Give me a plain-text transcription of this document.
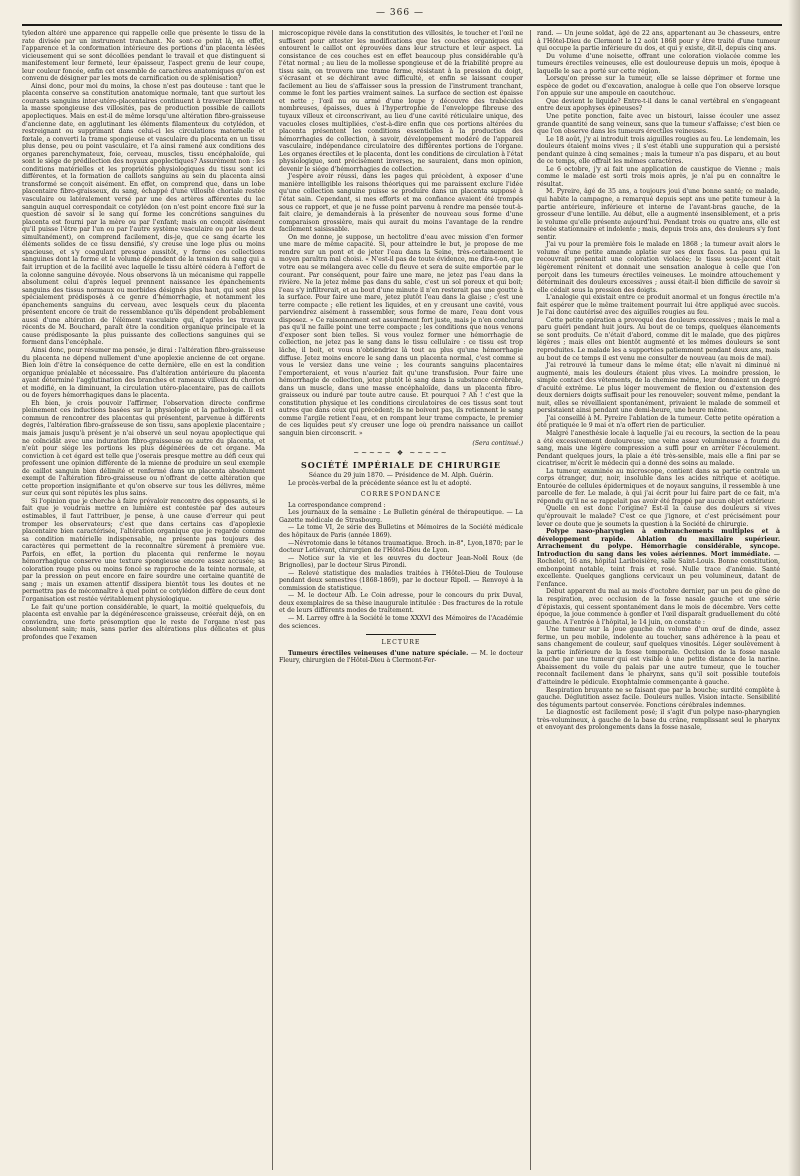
— 366 —

tyledon altéré une apparence qui rappelle celle que présente le tissu de la rate divisée par un instrument tranchant. Ne sont-ce point là, en effet, l'apparence et la conformation intérieure des portions d'un placenta lésées vicieusement qui se sont décollées pendant le travail et que distinguent si manifestement leur fermeté, leur épaisseur, l'aspect grenu de leur coupe, leur couleur foncée, enfin cet ensemble de caractères anatomiques qu'on est convenu de désigner par les mots de carnification ou de splénisation?

Ainsi donc, pour moi du moins, la chose n'est pas douteuse : tant que le placenta conserve sa constitution anatomique normale, tant que surtout les courants sanguins inter-utéro-placentaires continuent à traverser librement la masse spongieuse des villosités, pas de production possible de caillots apoplectiques. Mais en est-il de même lorsqu'une altération fibro-graisseuse d'ancienne date, en agglutinant les éléments filamenteux du cotylédon, et restreignant ou supprimant dans celui-ci les circulations maternelle et fœtale, a converti la trame spongieuse et vasculaire du placenta en un tissu plus dense, peu ou point vasculaire, et l'a ainsi ramené aux conditions des organes parenchymateux, foie, cerveau, muscles, tissu encéphaloïde, qui sont le siége de prédilection des noyaux apoplectiques? Assurément non : les conditions matérielles et les propriétés physiologiques du tissu sont ici différentes, et la formation de caillots sanguins au sein du placenta ainsi transformé se conçoit aisément. En effet, on comprend que, dans un lobe placentaire fibro-graisseux, du sang, échappé d'une villosité choriale restée vasculaire ou latéralement versé par une des artères afférentes du lac sanguin auquel correspondait ce cotylédon (on n'est point encore fixé sur la question de savoir si le sang qui forme les concrétions sanguines du placenta est fourni par la mère ou par l'enfant; mais on conçoit aisément qu'il puisse l'être par l'un ou par l'autre système vasculaire ou par les deux simultanément), on comprend facilement, dis-je, que ce sang écarte les éléments solides de ce tissu densifié, s'y creuse une loge plus ou moins spacieuse, et s'y coagulant presque aussitôt, y forme ces collections sanguines dont la forme et le volume dépendent de la tension du sang qui a fait irruption et de la facilité avec laquelle le tissu altéré cédera à l'effort de la colonne sanguine dévoyée. Nous observons là un mécanisme qui rappelle absolument celui d'après lequel prennent naissance les épanchements sanguins des tissus normaux ou morbides désignés plus haut, qui sont plus spécialement prédisposés à ce genre d'hémorrhagie, et notamment les épanchements sanguins du cerveau, avec lesquels ceux du placenta présentent encore ce trait de ressemblance qu'ils dépendent probablement aussi d'une altération de l'élément vasculaire qui, d'après les travaux récents de M. Bouchard, paraît être la condition organique principale et la cause prédisposante la plus puissante des collections sanguines qui se forment dans l'encéphale.

Ainsi donc, pour résumer ma pensée, je dirai : l'altération fibro-graisseuse du placenta ne dépend nullement d'une apoplexie ancienne de cet organe. Bien loin d'être la conséquence de cette dernière, elle en est la condition organique préalable et nécessaire. Pas d'altération antérieure du placenta ayant déterminé l'agglutination des branches et rameaux villeux du chorion et modifié, en la diminuant, la circulation utéro-placentaire, pas de caillots ou de foyers hémorrhagiques dans le placenta.

Eh bien, je crois pouvoir l'affirmer, l'observation directe confirme pleinement ces inductions basées sur la physiologie et la pathologie. Il est commun de rencontrer des placentas qui présentent, parvenue à différents degrés, l'altération fibro-graisseuse de son tissu, sans apoplexie placentaire ; mais jamais jusqu'à présent je n'ai observé un seul noyau apoplectique qui ne coïncidât avec une induration fibro-graisseuse ou autre du placenta, et n'eût pour siége les portions les plus dégénérées de cet organe. Ma conviction à cet égard est telle que j'oserais presque mettre au défi ceux qui professent une opinion différente de la mienne de produire un seul exemple de caillot sanguin bien délimité et renfermé dans un placenta absolument exempt de l'altération fibro-graisseuse ou n'offrant de cette altération que cette proportion insignifiante et qu'on observe sur tous les délivres, même sur ceux qui sont réputés les plus sains.

Si l'opinion que je cherche à faire prévaloir rencontre des opposants, si le fait que je voudrais mettre en lumière est contestée par des auteurs estimables, il faut l'attribuer, je pense, à une cause d'erreur qui peut tromper les observateurs; c'est que dans certains cas d'apoplexie placentaire bien caractérisée, l'altération organique que je regarde comme sa condition matérielle indispensable, ne présente pas toujours des caractères qui permettent de la reconnaître sûrement à première vue. Parfois, en effet, la portion du placenta qui renferme le noyau hémorrhagique conserve une texture spongieuse encore assez accusée; sa coloration rouge plus ou moins foncé se rapproche de la teinte normale, et par la pression on peut encore en faire sourdre une certaine quantité de sang ; mais un examen attentif dissipera bientôt tous les doutes et ne permettra pas de méconnaître à quel point ce cotylédon diffère de ceux dont l'organisation est restée véritablement physiologique.

Le fait qu'une portion considérable, le quart, la moitié quelquefois, du placenta est envahie par la dégénérescence graisseuse, créerait déjà, on en conviendra, une forte présomption que le reste de l'organe n'est pas absolument sain; mais, sans parler des altérations plus délicates et plus profondes que l'examen

microscopique révèle dans la constitution des villosités, le toucher et l'œil ne suffisent pour attester les modifications que les couches organiques qui entourent le caillot ont éprouvées dans leur structure et leur aspect. La consistance de ces couches est en effet beaucoup plus considérable qu'à l'état normal ; au lieu de la mollesse spongieuse et de la friabilité propre au tissu sain, on trouvera une trame ferme, résistant à la pression du doigt, s'écrasant et se déchirant avec difficulté, et enfin se laissant couper facilement au lieu de s'affaisser sous la pression de l'instrument tranchant, comme le font les parties vraiment saines. La surface de section est épaisse et nette ; l'œil nu ou armé d'une loupe y découvre des trabécules nombreuses, épaisses, dues à l'hypertrophie de l'enveloppe fibreuse des tuyaux villeux et circonscrivant, au lieu d'une cavité réticulaire unique, des vacuoles closes multipliées, c'est-à-dire enfin que ces portions altérées du placenta présentent les conditions essentielles à la production des hémorrhagies de collection, à savoir, développement modéré de l'appareil vasculaire, indépendance circulatoire des différentes portions de l'organe. Les organes érectiles et le placenta, dont les conditions de circulation à l'état physiologique, sont précisément inverses, ne sauraient, dans mon opinion, devenir le siége d'hémorrhagies de collection.

J'espère avoir réussi, dans les pages qui précèdent, à exposer d'une manière intelligible les raisons théoriques qui me paraissent exclure l'idée qu'une collection sanguine puisse se produire dans un placenta supposé à l'état sain. Cependant, si mes efforts et ma confiance avaient été trompés sous ce rapport, et que je ne fusse point parvenu à rendre ma pensée tout-à-fait claire, je demanderais à la présenter de nouveau sous forme d'une comparaison grossière, mais qui aurait du moins l'avantage de la rendre facilement saisissable.

On me donne, je suppose, un hectolitre d'eau avec mission d'en former une mare de même capacité. Si, pour atteindre le but, je propose de me rendre sur un pont et de jeter l'eau dans la Seine, très-certainement le moyen paraîtra mal choisi. « N'est-il pas de toute évidence, me dira-t-on, que votre eau se mélangera avec celle du fleuve et sera de suite emportée par le courant. Par conséquent, pour faire une mare, ne jetez pas l'eau dans la rivière. Ne la jetez même pas dans du sable, c'est un sol poreux et qui boit; l'eau s'y infiltrerait, et au bout d'une minute il n'en resterait pas une goutte à la surface. Pour faire une mare, jetez plutôt l'eau dans la glaise ; c'est une terre compacte ; elle retient les liquides, et en y creusant une cavité, vous parviendrez aisément à rassembler, sous forme de mare, l'eau dont vous disposez. » Ce raisonnement est assurément fort juste, mais je n'en conclurai pas qu'il ne faille point une terre compacte ; les conditions que nous venons d'exposer sont bien telles. Si vous voulez former une hémorrhagie de collection, ne jetez pas le sang dans le tissu cellulaire : ce tissu est trop lâche, il boit, et vous n'obtiendriez là tout au plus qu'une hémorrhagie diffuse. Jetez moins encore le sang dans un placenta normal, c'est comme si vous le versiez dans une veine ; les courants sanguins placentaires l'emporteraient, et vous n'auriez fait qu'une transfusion. Pour faire une hémorrhagie de collection, jetez plutôt le sang dans la substance cérébrale, dans un muscle, dans une masse encéphaloïde, dans un placenta fibro-graisseux ou induré par toute autre cause. Et pourquoi ? Ah ! c'est que la constitution physique et les conditions circulatoires de ces tissus sont tout autres que dans ceux qui précèdent; ils ne boivent pas, ils retiennent le sang comme l'argile retient l'eau, et en rompant leur trame compacte, le premier de ces liquides peut s'y creuser une loge où prendra naissance un caillot sanguin bien circonscrit. »

(Sera continué.)
~~~~~ ❖ ~~~~~
SOCIÉTÉ IMPÉRIALE DE CHIRURGIE

Séance du 29 juin 1870. — Présidence de M. Alph. Guérin.

Le procès-verbal de la précédente séance est lu et adopté.

CORRESPONDANCE

La correspondance comprend :

Les journaux de la semaine : Le Bulletin général de thérapeutique. — La Gazette médicale de Strasbourg.

— Le tome VI, 2e série des Bulletins et Mémoires de la Société médicale des hôpitaux de Paris (année 1869).

—Névrotomie dans le tétanos traumatique. Broch. in-8°, Lyon,1870; par le docteur Letiévant, chirurgien de l'Hôtel-Dieu de Lyon.

— Notice sur la vie et les œuvres du docteur Jean-Noël Roux (de Brignolles), par le docteur Sirus Pirondi.

— Relevé statistique des maladies traitées à l'Hôtel-Dieu de Toulouse pendant deux semestres (1868-1869), par le docteur Ripoll. — Renvoyé à la commission de statistique.

— M. le docteur Alb. Le Coin adresse, pour le concours du prix Duval, deux exemplaires de sa thèse inaugurale intitulée : Des fractures de la rotule et de leurs différents modes de traitement.

— M. Larrey offre à la Société le tome XXXVI des Mémoires de l'Académie des sciences.

LECTURE

Tumeurs érectiles veineuses d'une nature spéciale. — M. le docteur Fleury, chirurgien de l'Hôtel-Dieu à Clermont-Fer-

rand. — Un jeune soldat, âgé de 22 ans, appartenant au 3e chasseurs, entre à l'Hôtel-Dieu de Clermont le 12 août 1868 pour y être traité d'une tumeur qui occupe la partie inférieure du dos, et qui y existe, dit-il, depuis cinq ans.

Du volume d'une noisette, offrant une coloration violacée comme les tumeurs érectiles veineuses, elle est douloureuse depuis un mois, époque à laquelle le sac a porté sur cette région.

Lorsqu'on presse sur la tumeur, elle se laisse déprimer et forme une espèce de godet ou d'excavation, analogue à celle que l'on observe lorsque l'on appuie sur une ampoule en caoutchouc.

Que devient le liquide? Entre-t-il dans le canal vertébral en s'engageant entre deux apophyses épineuses?

Une petite ponction, faite avec un bistouri, laisse écouler une assez grande quantité de sang veineux, sans que la tumeur s'affaisse; c'est bien ce que l'on observe dans les tumeurs érectiles veineuses.

Le 18 août, j'y ai introduit trois aiguilles rougies au feu. Le lendemain, les douleurs étaient moins vives ; il s'est établi une suppuration qui a persisté pendant quinze à cinq semaines ; mais la tumeur n'a pas disparu, et au bout de ce temps, elle offrait les mêmes caractères.

Le 6 octobre, j'y ai fait une application de caustique de Vienne ; mais comme le malade est sorti trois mois après, je n'ai pu en connaître le résultat.

M. Pyreire, âgé de 35 ans, a toujours joui d'une bonne santé; ce malade, qui habite la campagne, a remarqué depuis sept ans une petite tumeur à la partie antérieure, inférieure et interne de l'avant-bras gauche, de la grosseur d'une lentille. Au début, elle a augmenté insensiblement, et a pris le volume qu'elle présente aujourd'hui. Pendant trois ou quatre ans, elle est restée stationnaire et indolente ; mais, depuis trois ans, des douleurs s'y font sentir.

J'ai vu pour la première fois le malade en 1868 ; la tumeur avait alors le volume d'une petite amande aplatie sur ses deux faces. La peau qui la recouvrait présentait une coloration violacée; le tissu sous-jacent était légèrement rénitent et donnait une sensation analogue à celle que l'on perçoit dans les tumeurs érectiles veineuses. Le moindre attouchement y déterminait des douleurs excessives ; aussi était-il bien difficile de savoir si elle cédait sous la pression des doigts.

L'analogie qui existait entre ce produit anormal et un fongus érectile m'a fait espérer que le même traitement pourrait lui être appliqué avec succès. Je l'ai donc cautérisé avec des aiguilles rougies au feu.

Cette petite opération a provoqué des douleurs excessives ; mais le mal a paru guéri pendant huit jours. Au bout de ce temps, quelques élancements se sont produits. Ce n'était d'abord, comme dit le malade, que des piqûres légères ; mais elles ont bientôt augmenté et les mêmes douleurs se sont reproduites. Le malade les a supportées patiemment pendant deux ans, mais au bout de ce temps il est venu me consulter de nouveau (au mois de mai).

J'ai retrouvé la tumeur dans le même état; elle n'avait ni diminué ni augmenté, mais les douleurs étaient plus vives. La moindre pression, le simple contact des vêtements, de la chemise même, leur donnaient un degré d'acuité extrême. Le plus léger mouvement de flexion ou d'extension des deux derniers doigts suffisait pour les renouveler; souvent même, pendant la nuit, elles se réveillaient spontanément, privaient le malade de sommeil et persistaient ainsi pendant une demi-heure, une heure même.

J'ai conseillé à M. Pyreire l'ablation de la tumeur. Cette petite opération a été pratiquée le 9 mai et n'a offert rien de particulier.

Malgré l'anesthésie locale à laquelle j'ai eu recours, la section de la peau a été excessivement douloureuse; une veine assez volumineuse a fourni du sang, mais une légère compression a suffi pour en arrêter l'écoulement. Pendant quelques jours, la plaie a été très-sensible, mais elle a fini par se cicatriser, m'écrit le médecin qui a donné des soins au malade.

La tumeur, examinée au microscope, contient dans sa partie centrale un corps étranger, dur, noir, insoluble dans les acides nitrique et acétique. Entourée de cellules épidermiques et de noyaux sanguins, il ressemble à une parcelle de fer. Le malade, à qui j'ai écrit pour lui faire part de ce fait, m'a répondu qu'il ne se rappelait pas avoir été frappé par aucun objet extérieur.

Quelle en est donc l'origine? Est-il la cause des douleurs si vives qu'éprouvait le malade? C'est ce que j'ignore, et c'est précisément pour lever ce doute que je soumets la question à la Société de chirurgie.

Polype naso-pharyngien à embranchements multiples et à développement rapide. Ablation du maxillaire supérieur. Arrachement du polype. Hémorrhagie considérable, syncope. Introduction du sang dans les voies aériennes. Mort immédiate. — Rochelet, 16 ans, hôpital Lariboisière, salle Saint-Louis. Bonne constitution, embonpoint notable, teint frais et rosé. Nulle trace d'anémie. Santé excellente. Quelques ganglions cervicaux un peu volumineux, datant de l'enfance.

Début apparent du mal au mois d'octobre dernier, par un peu de gêne de la respiration, avec occlusion de la fosse nasale gauche et une série d'épistaxis, qui cessent spontanément dans le mois de décembre. Vers cette époque, la joue commence à gonfler et l'œil disparaît graduellement du côté gauche. A l'entrée à l'hôpital, le 14 juin, on constate :

Une tumeur sur la joue gauche du volume d'un œuf de dinde, assez ferme, un peu mobile, indolente au toucher, sans adhérence à la peau et sans changement de couleur, sauf quelques vinosités. Léger soulèvement à la partie inférieure de la fosse temporale. Occlusion de la fosse nasale gauche par une tumeur qui est visible à une petite distance de la narine. Abaissement du voile du palais par une autre tumeur, que le toucher reconnaît facilement dans le pharynx, sans qu'il soit possible toutefois d'atteindre le pédicule. Exophtalmie commençante à gauche.

Respiration bruyante ne se faisant que par la bouche; surdité complète à gauche. Déglutition assez facile. Douleurs nulles. Vision intacte. Sensibilité des téguments partout conservée. Fonctions cérébrales indemnes.

Le diagnostic est facilement posé; il s'agit d'un polype naso-pharyngien très-volumineux, à gauche de la base du crâne, remplissant seul le pharynx et envoyant des prolongements dans la fosse nasale,
